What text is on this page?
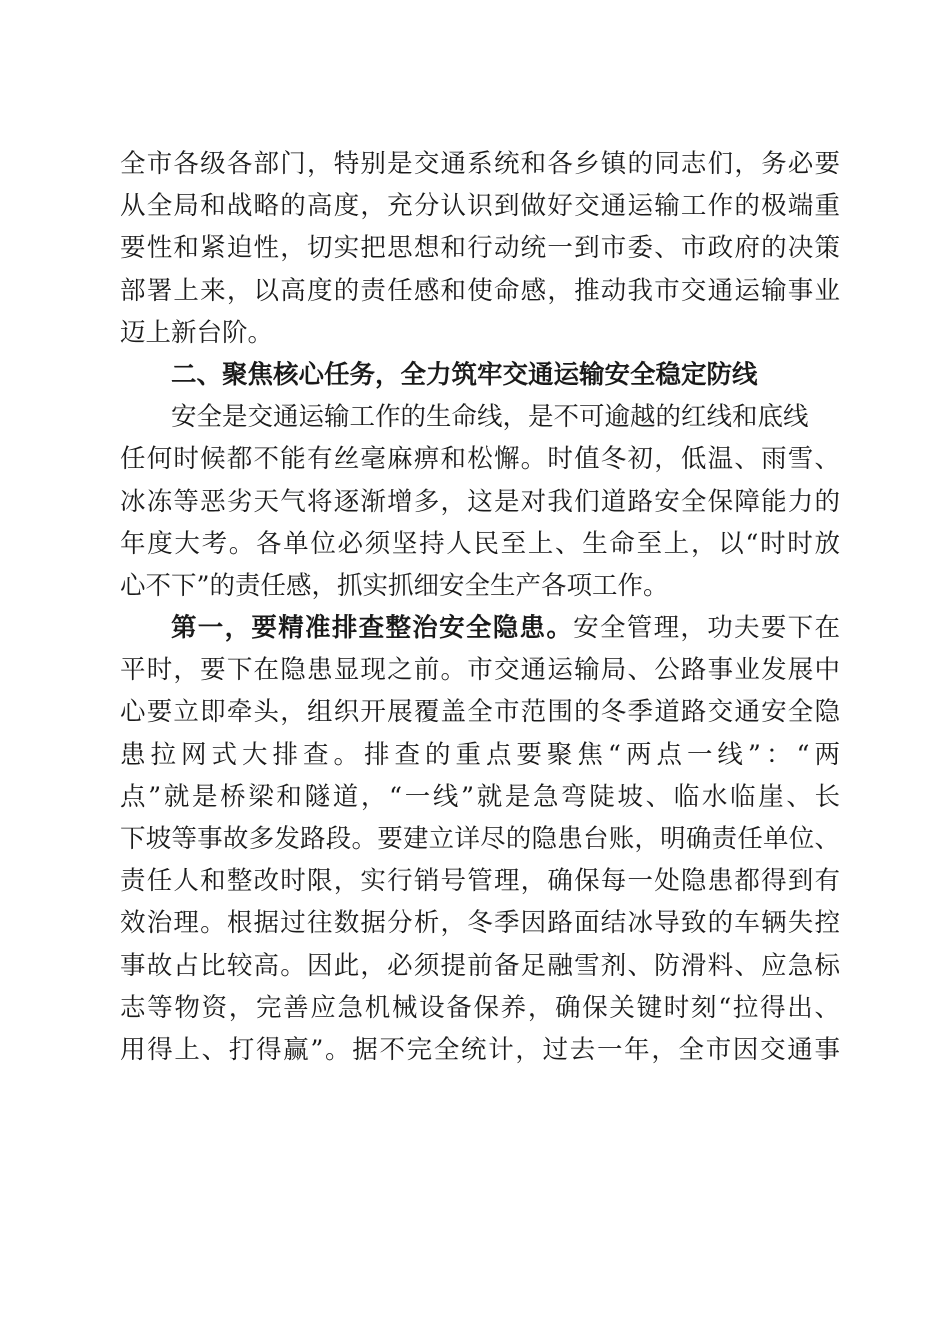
全市各级各部门，特别是交通系统和各乡镇的同志们，务必要
从全局和战略的高度，充分认识到做好交通运输工作的极端重
要性和紧迫性，切实把思想和行动统一到市委、市政府的决策
部署上来，以高度的责任感和使命感，推动我市交通运输事业
迈上新台阶。
二、聚焦核心任务，全力筑牢交通运输安全稳定防线
安全是交通运输工作的生命线，是不可逾越的红线和底线
任何时候都不能有丝毫麻痹和松懈。时值冬初，低温、雨雪、
冰冻等恶劣天气将逐渐增多，这是对我们道路安全保障能力的
年度大考。各单位必须坚持人民至上、生命至上，以“时时放
心不下”的责任感，抓实抓细安全生产各项工作。
第一，要精准排查整治安全隐患。安全管理，功夫要下在
平时，要下在隐患显现之前。市交通运输局、公路事业发展中
心要立即牵头，组织开展覆盖全市范围的冬季道路交通安全隐
患拉网式大排查。排查的重点要聚焦“两点一线”：“两
点”就是桥梁和隧道，“一线”就是急弯陡坡、临水临崖、长
下坡等事故多发路段。要建立详尽的隐患台账，明确责任单位、
责任人和整改时限，实行销号管理，确保每一处隐患都得到有
效治理。根据过往数据分析，冬季因路面结冰导致的车辆失控
事故占比较高。因此，必须提前备足融雪剂、防滑料、应急标
志等物资，完善应急机械设备保养，确保关键时刻“拉得出、
用得上、打得赢”。据不完全统计，过去一年，全市因交通事
